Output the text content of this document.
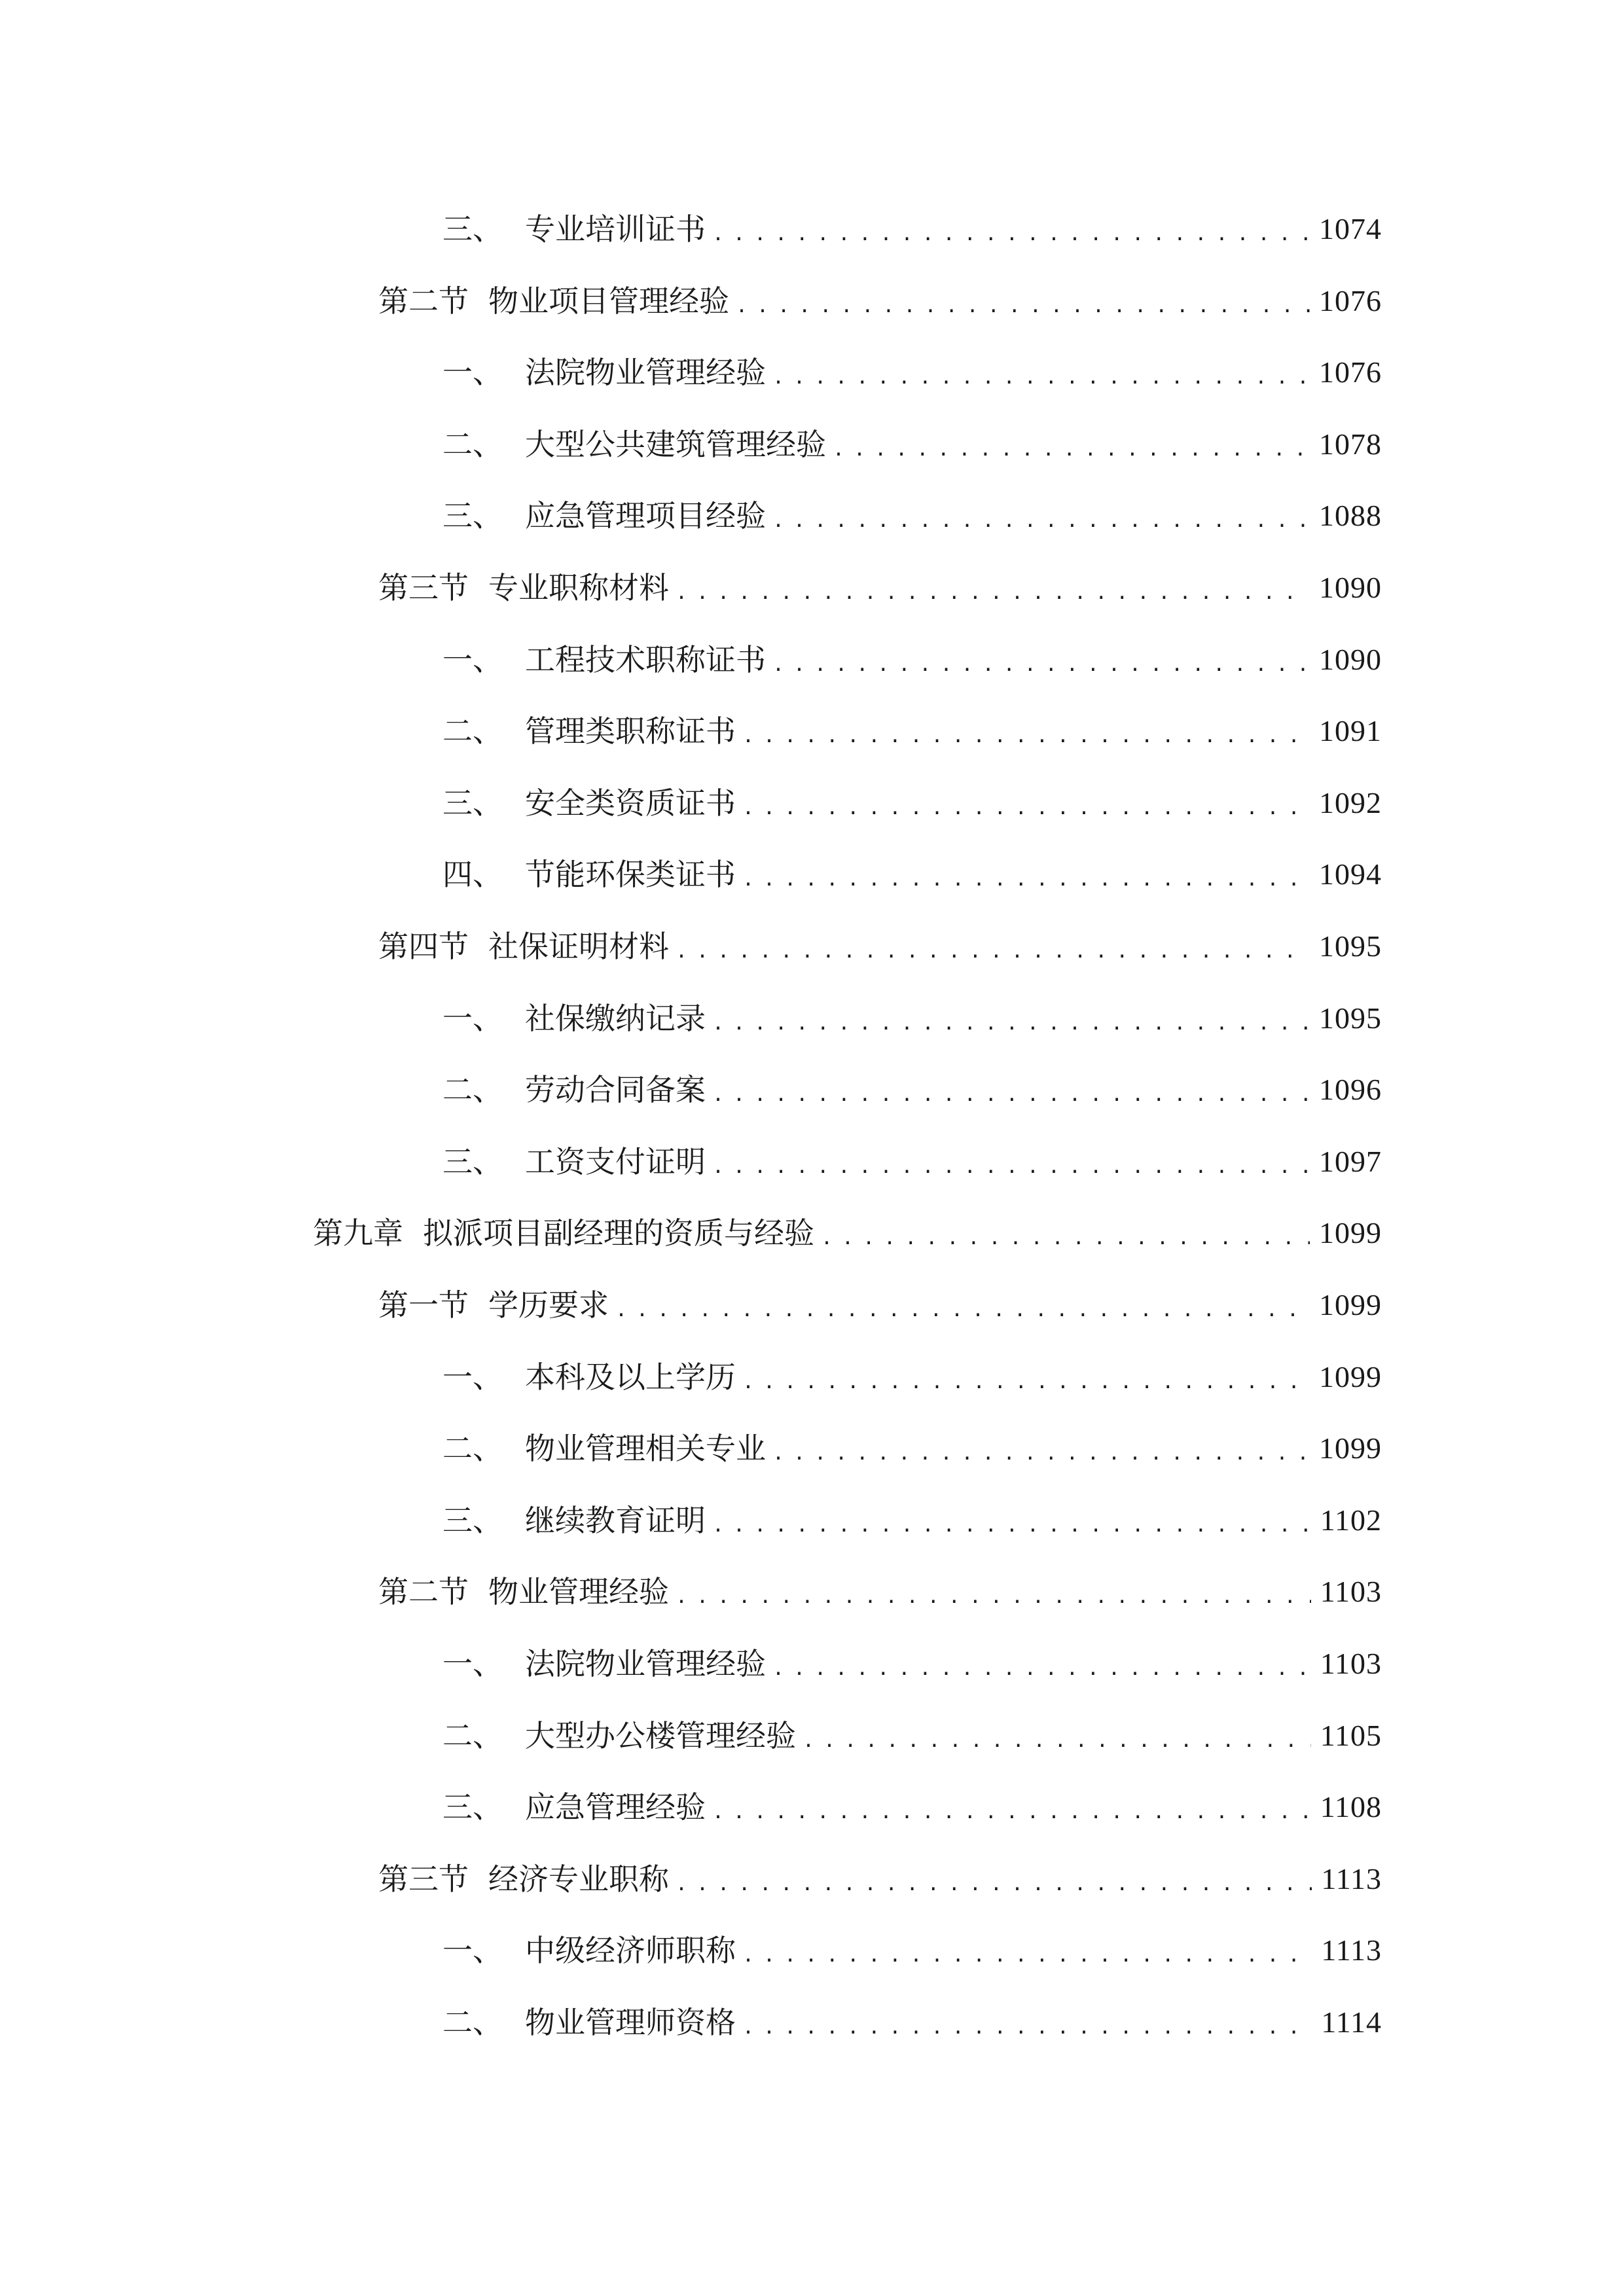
三、 专业培训证书 .....	1074
第二节 物业项目管理经验 .....	1076
一、 法院物业管理经验 .....	1076
二、 大型公共建筑管理经验 .....	1078
三、 应急管理项目经验 .....	1088
第三节 专业职称材料 .....	1090
一、 工程技术职称证书 .....	1090
二、 管理类职称证书 .....	1091
三、 安全类资质证书 .....	1092
四、 节能环保类证书 .....	1094
第四节 社保证明材料 .....	1095
一、 社保缴纳记录 .....	1095
二、 劳动合同备案 .....	1096
三、 工资支付证明 .....	1097
第九章 拟派项目副经理的资质与经验 .....	1099
第一节 学历要求 .....	1099
一、 本科及以上学历 .....	1099
二、 物业管理相关专业 .....	1099
三、 继续教育证明 .....	1102
第二节 物业管理经验 .....	1103
一、 法院物业管理经验 .....	1103
二、 大型办公楼管理经验 .....	1105
三、 应急管理经验 .....	1108
第三节 经济专业职称 .....	1113
一、 中级经济师职称 .....	1113
二、 物业管理师资格 .....	1114
